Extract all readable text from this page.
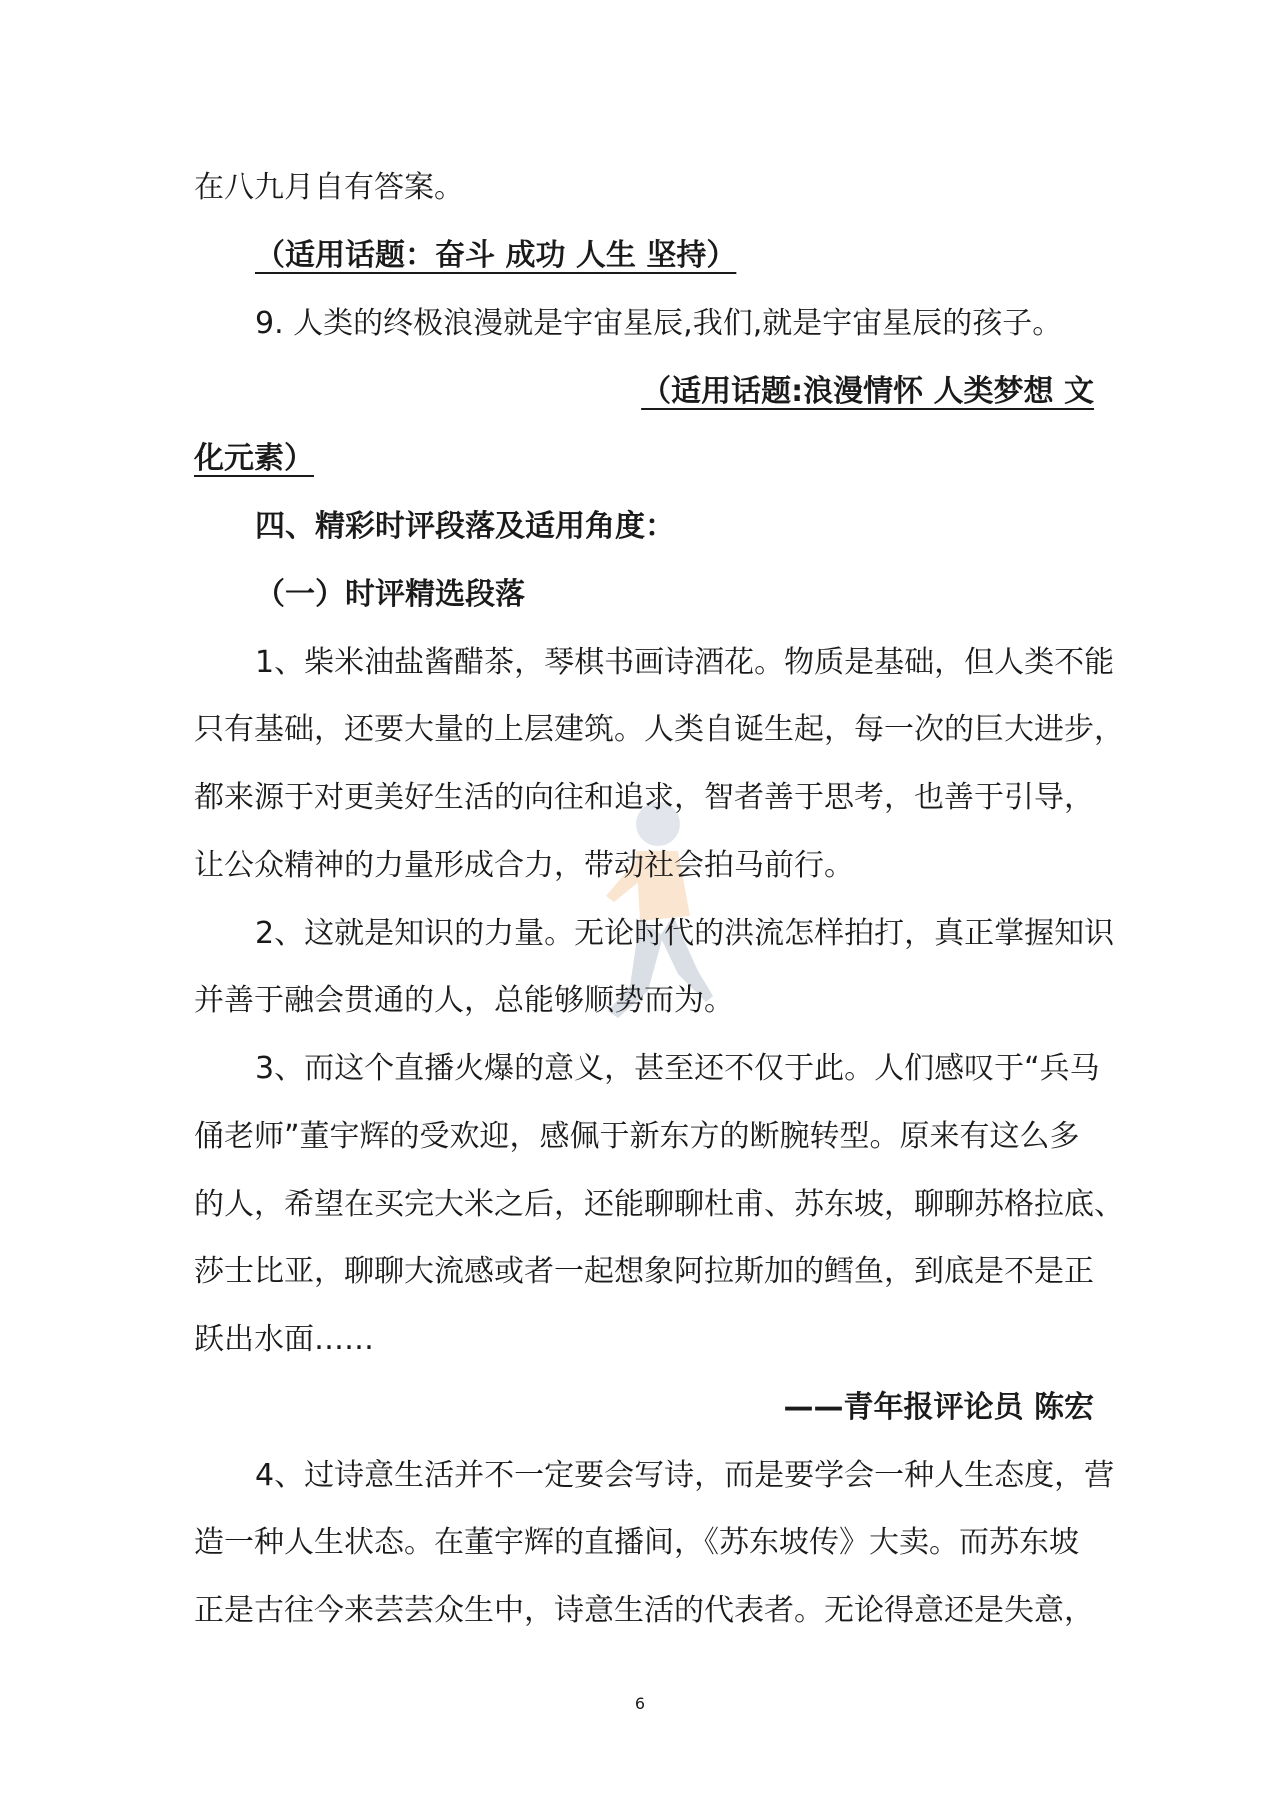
在八九月自有答案。
（适用话题：奋斗 成功 人生 坚持）
9. 人类的终极浪漫就是宇宙星辰,我们,就是宇宙星辰的孩子。
（适用话题:浪漫情怀 人类梦想 文
化元素）
四、精彩时评段落及适用角度：
（一）时评精选段落
1、柴米油盐酱醋茶，琴棋书画诗酒花。物质是基础，但人类不能
只有基础，还要大量的上层建筑。人类自诞生起，每一次的巨大进步，
都来源于对更美好生活的向往和追求，智者善于思考，也善于引导，
让公众精神的力量形成合力，带动社会拍马前行。
2、这就是知识的力量。无论时代的洪流怎样拍打，真正掌握知识
并善于融会贯通的人，总能够顺势而为。
3、而这个直播火爆的意义，甚至还不仅于此。人们感叹于“兵马
俑老师”董宇辉的受欢迎，感佩于新东方的断腕转型。原来有这么多
的人，希望在买完大米之后，还能聊聊杜甫、苏东坡，聊聊苏格拉底、
莎士比亚，聊聊大流感或者一起想象阿拉斯加的鳕鱼，到底是不是正
跃出水面……
——青年报评论员 陈宏
4、过诗意生活并不一定要会写诗，而是要学会一种人生态度，营
造一种人生状态。在董宇辉的直播间，《苏东坡传》大卖。而苏东坡
正是古往今来芸芸众生中，诗意生活的代表者。无论得意还是失意，
6
